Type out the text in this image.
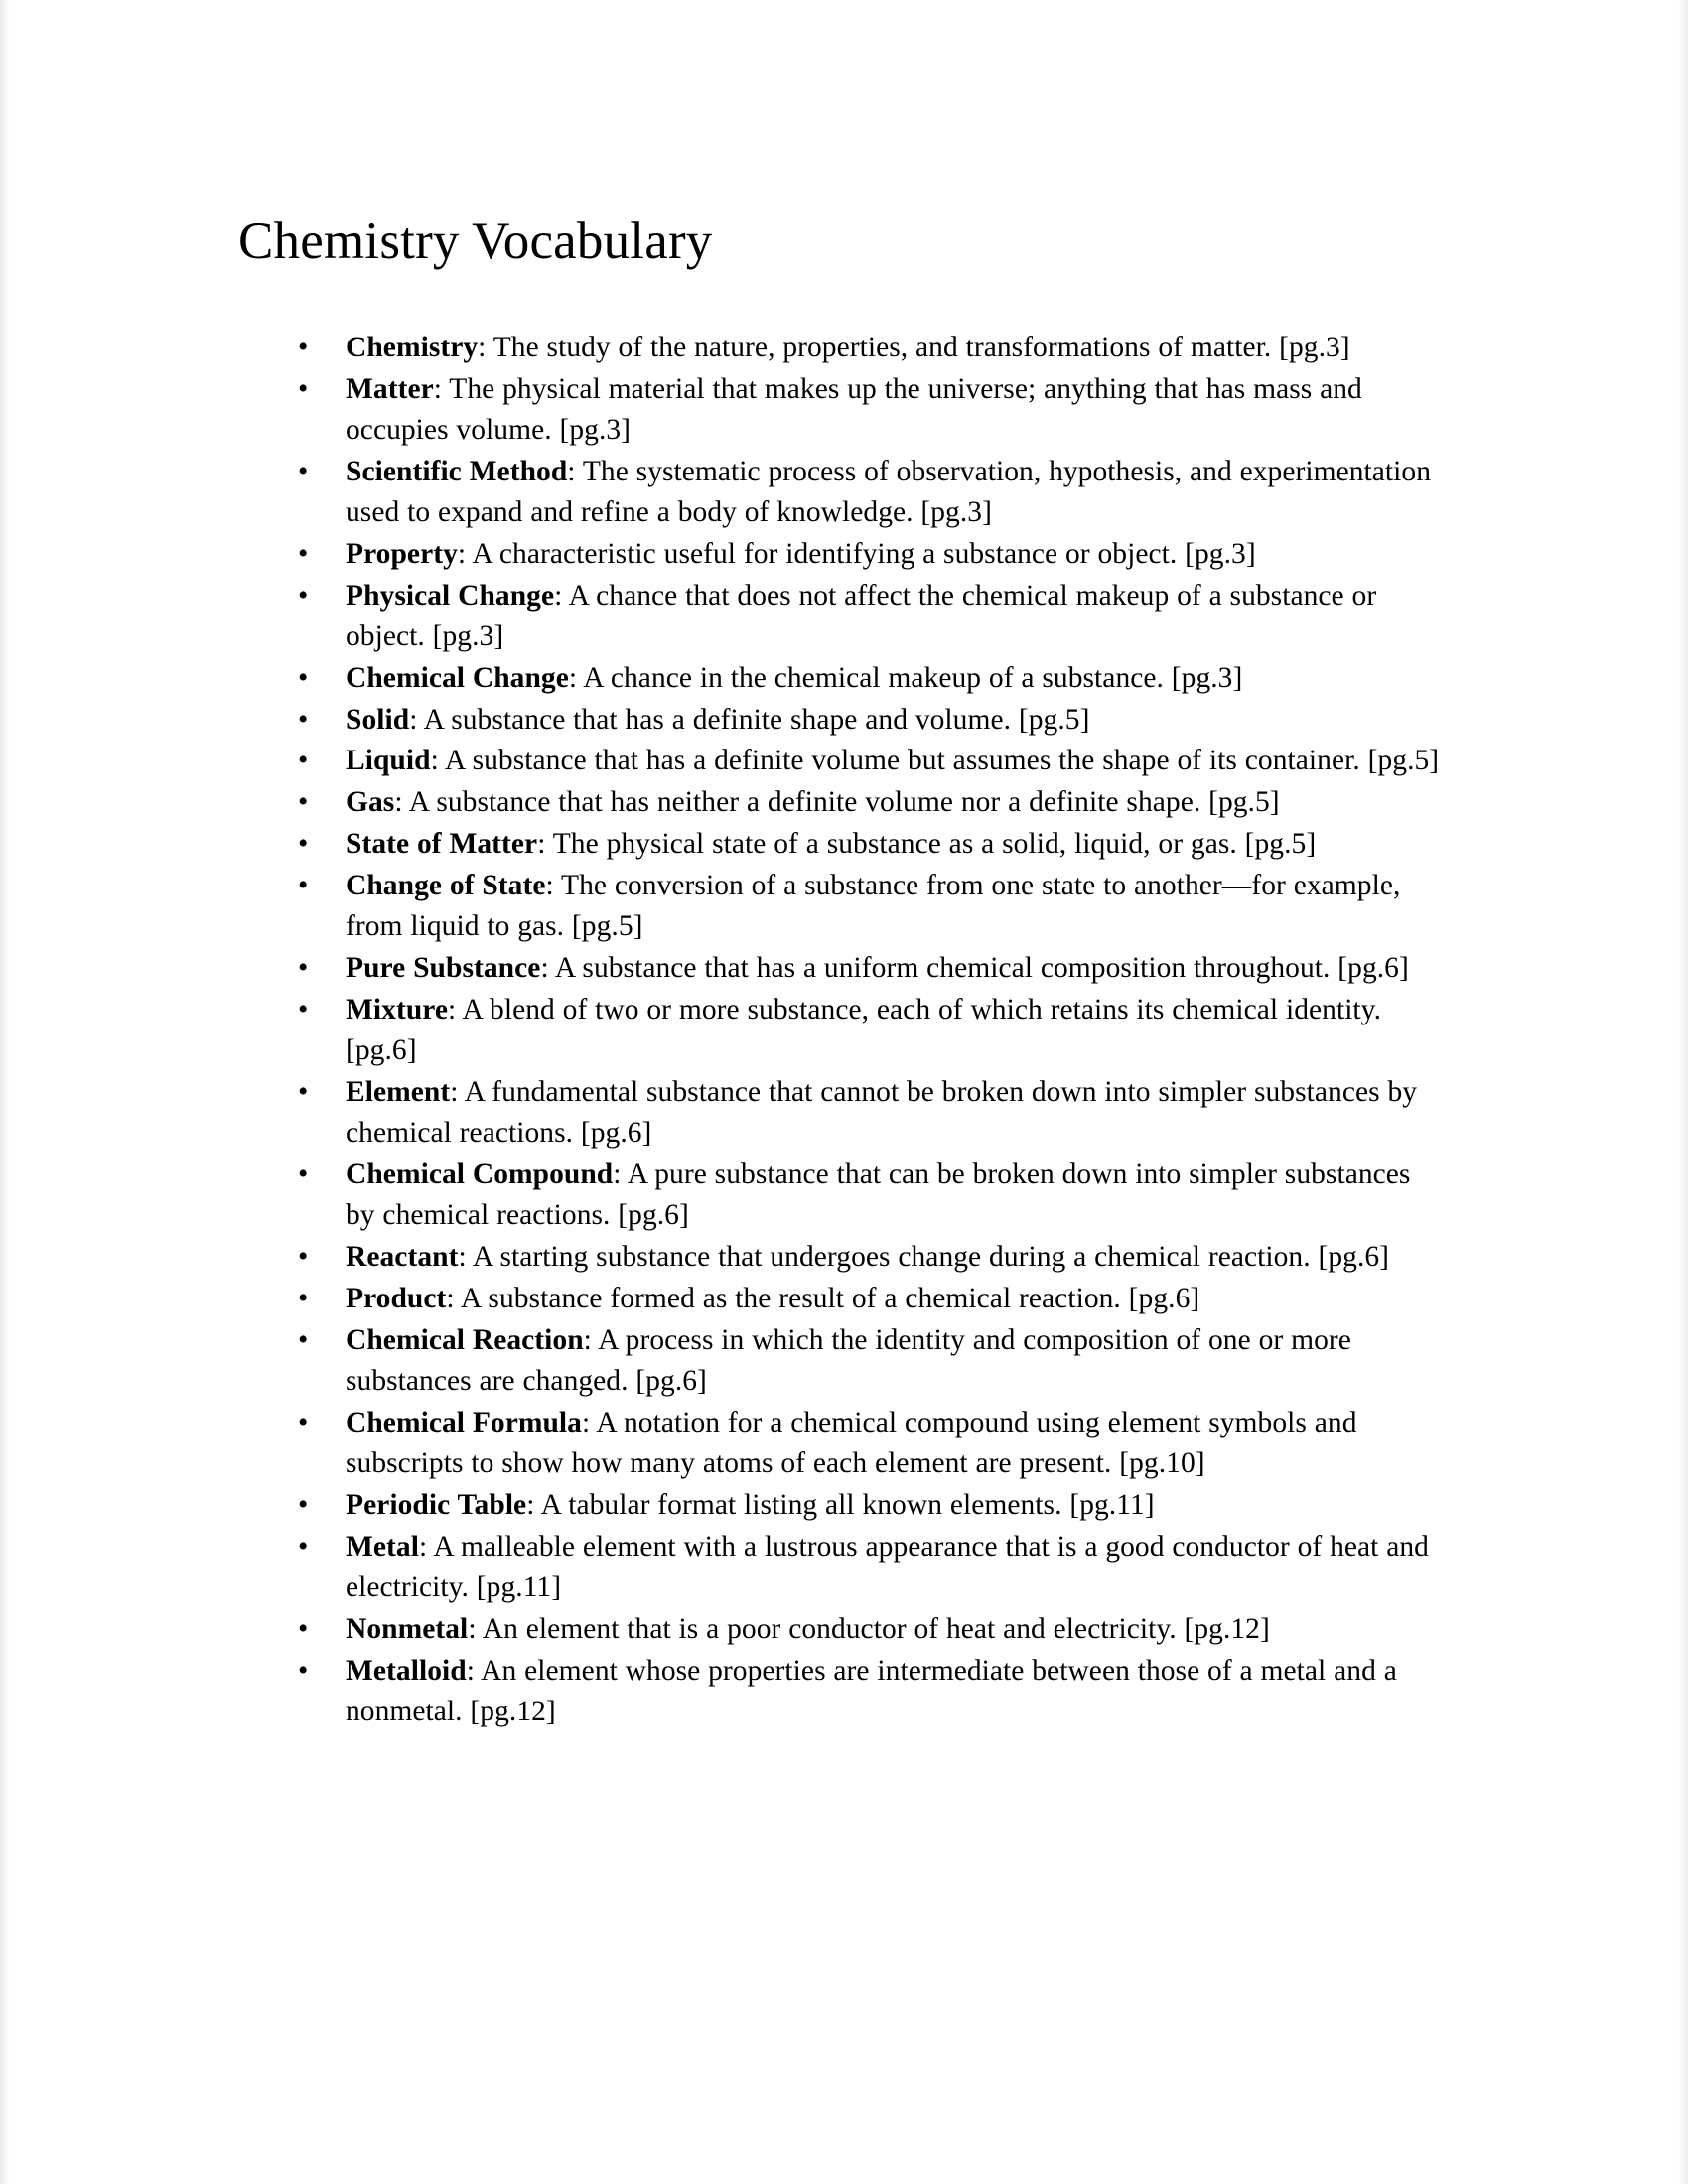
Chemistry Vocabulary
•	Chemistry: The study of the nature, properties, and transformations of matter. [pg.3]
•	Matter: The physical material that makes up the universe; anything that has mass and occupies volume. [pg.3]
•	Scientific Method: The systematic process of observation, hypothesis, and experimentation used to expand and refine a body of knowledge. [pg.3]
•	Property: A characteristic useful for identifying a substance or object. [pg.3]
•	Physical Change: A chance that does not affect the chemical makeup of a substance or object. [pg.3]
•	Chemical Change: A chance in the chemical makeup of a substance. [pg.3]
•	Solid: A substance that has a definite shape and volume. [pg.5]
•	Liquid: A substance that has a definite volume but assumes the shape of its container. [pg.5]
•	Gas: A substance that has neither a definite volume nor a definite shape. [pg.5]
•	State of Matter: The physical state of a substance as a solid, liquid, or gas. [pg.5]
•	Change of State: The conversion of a substance from one state to another—for example, from liquid to gas. [pg.5]
•	Pure Substance: A substance that has a uniform chemical composition throughout. [pg.6]
•	Mixture: A blend of two or more substance, each of which retains its chemical identity. [pg.6]
•	Element: A fundamental substance that cannot be broken down into simpler substances by chemical reactions. [pg.6]
•	Chemical Compound: A pure substance that can be broken down into simpler substances by chemical reactions. [pg.6]
•	Reactant: A starting substance that undergoes change during a chemical reaction. [pg.6]
•	Product: A substance formed as the result of a chemical reaction. [pg.6]
•	Chemical Reaction: A process in which the identity and composition of one or more substances are changed. [pg.6]
•	Chemical Formula: A notation for a chemical compound using element symbols and subscripts to show how many atoms of each element are present. [pg.10]
•	Periodic Table: A tabular format listing all known elements. [pg.11]
•	Metal: A malleable element with a lustrous appearance that is a good conductor of heat and electricity. [pg.11]
•	Nonmetal: An element that is a poor conductor of heat and electricity. [pg.12]
•	Metalloid: An element whose properties are intermediate between those of a metal and a nonmetal. [pg.12]
